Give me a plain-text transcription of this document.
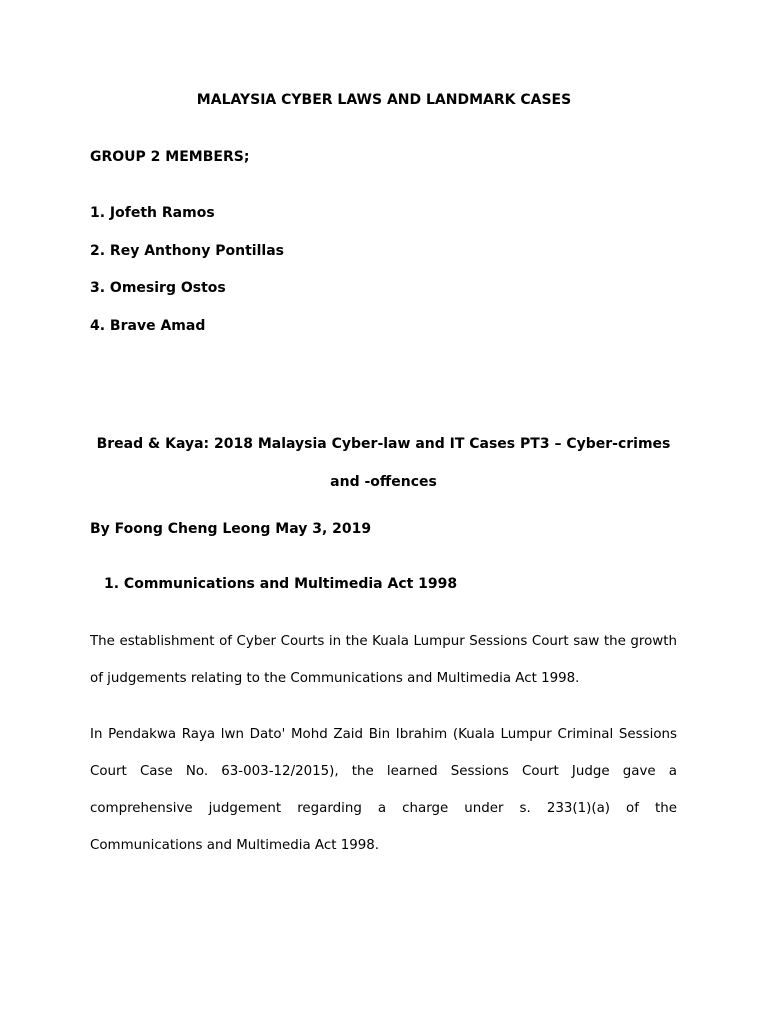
MALAYSIA CYBER LAWS AND LANDMARK CASES

GROUP 2 MEMBERS;

1. Jofeth Ramos
2. Rey Anthony Pontillas
3. Omesirg Ostos
4. Brave Amad

Bread & Kaya: 2018 Malaysia Cyber-law and IT Cases PT3 – Cyber-crimes and -offences

By Foong Cheng Leong May 3, 2019

1. Communications and Multimedia Act 1998

The establishment of Cyber Courts in the Kuala Lumpur Sessions Court saw the growth of judgements relating to the Communications and Multimedia Act 1998.

In Pendakwa Raya lwn Dato' Mohd Zaid Bin Ibrahim (Kuala Lumpur Criminal Sessions Court Case No. 63-003-12/2015), the learned Sessions Court Judge gave a comprehensive judgement regarding a charge under s. 233(1)(a) of the Communications and Multimedia Act 1998.
